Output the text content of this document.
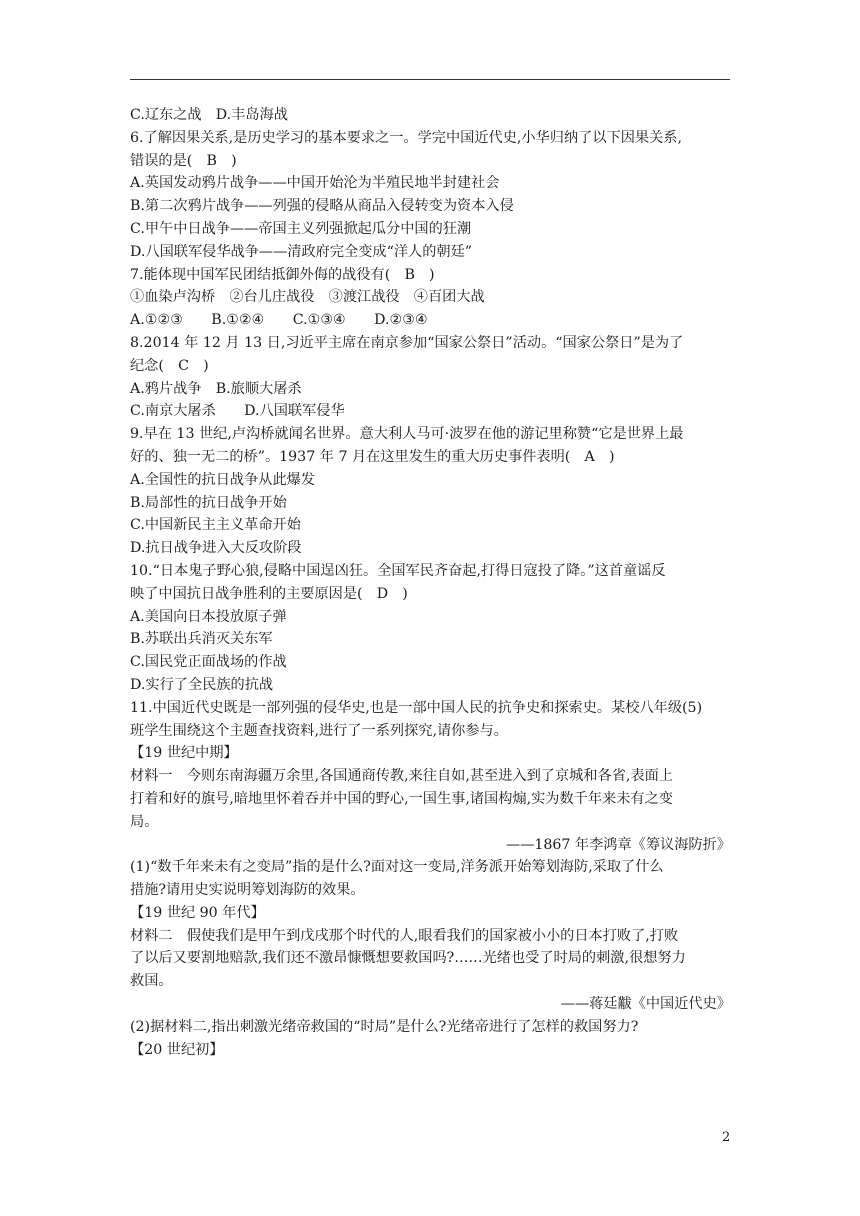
C.辽东之战　D.丰岛海战
6.了解因果关系,是历史学习的基本要求之一。学完中国近代史,小华归纳了以下因果关系,
错误的是(　B　)
A.英国发动鸦片战争——中国开始沦为半殖民地半封建社会
B.第二次鸦片战争——列强的侵略从商品入侵转变为资本入侵
C.甲午中日战争——帝国主义列强掀起瓜分中国的狂潮
D.八国联军侵华战争——清政府完全变成“洋人的朝廷”
7.能体现中国军民团结抵御外侮的战役有(　B　)
①血染卢沟桥　②台儿庄战役　③渡江战役　④百团大战
A.①②③　　B.①②④　　C.①③④　　D.②③④
8.2014 年 12 月 13 日,习近平主席在南京参加“国家公祭日”活动。“国家公祭日”是为了
纪念(　C　)
A.鸦片战争　B.旅顺大屠杀
C.南京大屠杀　　D.八国联军侵华
9.早在 13 世纪,卢沟桥就闻名世界。意大利人马可·波罗在他的游记里称赞“它是世界上最
好的、独一无二的桥”。1937 年 7 月在这里发生的重大历史事件表明(　A　)
A.全国性的抗日战争从此爆发
B.局部性的抗日战争开始
C.中国新民主主义革命开始
D.抗日战争进入大反攻阶段
10.“日本鬼子野心狼,侵略中国逞凶狂。全国军民齐奋起,打得日寇投了降。”这首童谣反
映了中国抗日战争胜利的主要原因是(　D　)
A.美国向日本投放原子弹
B.苏联出兵消灭关东军
C.国民党正面战场的作战
D.实行了全民族的抗战
11.中国近代史既是一部列强的侵华史,也是一部中国人民的抗争史和探索史。某校八年级(5)
班学生围绕这个主题查找资料,进行了一系列探究,请你参与。
【19 世纪中期】
材料一　今则东南海疆万余里,各国通商传教,来往自如,甚至进入到了京城和各省,表面上
打着和好的旗号,暗地里怀着吞并中国的野心,一国生事,诸国构煽,实为数千年来未有之变
局。
——1867 年李鸿章《筹议海防折》
(1)“数千年来未有之变局”指的是什么?面对这一变局,洋务派开始筹划海防,采取了什么
措施?请用史实说明筹划海防的效果。
【19 世纪 90 年代】
材料二　假使我们是甲午到戊戌那个时代的人,眼看我们的国家被小小的日本打败了,打败
了以后又要割地赔款,我们还不激昂慷慨想要救国吗?……光绪也受了时局的刺激,很想努力
救国。
——蒋廷黻《中国近代史》
(2)据材料二,指出刺激光绪帝救国的“时局”是什么?光绪帝进行了怎样的救国努力?
【20 世纪初】
2
